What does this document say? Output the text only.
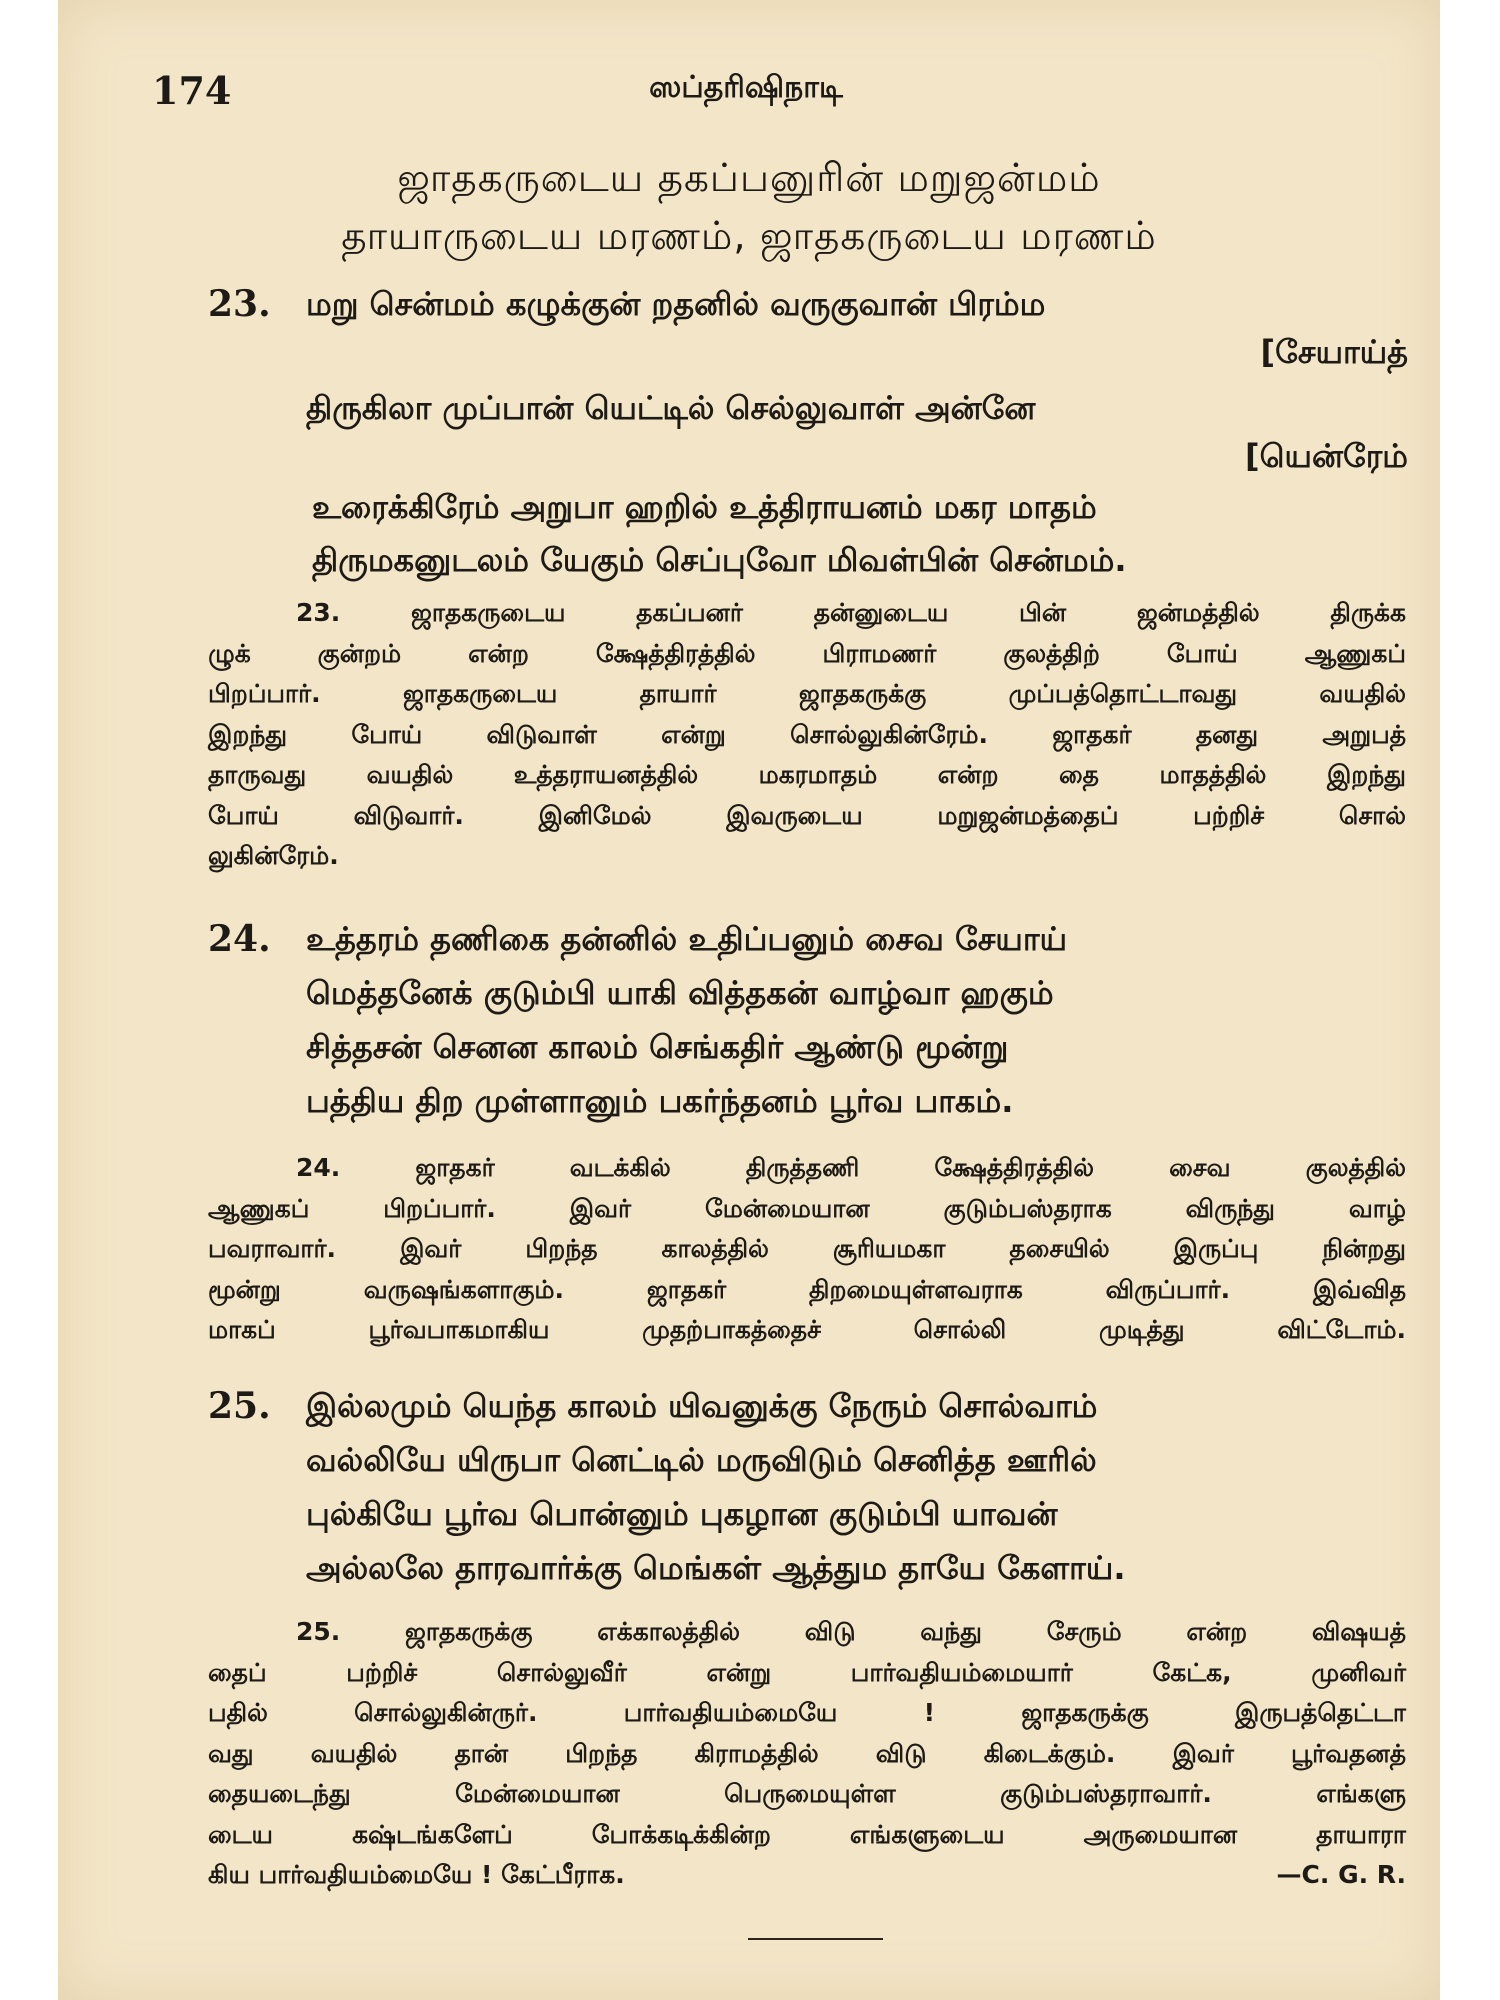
174	ஸப்தரிஷிநாடி
ஜாதகருடைய தகப்பனுரின் மறுஜன்மம்
தாயாருடைய மரணம், ஜாதகருடைய மரணம்
23. மறு சென்மம் கழுக்குன் றதனில் வருகுவான் பிரம்ம
[சேயாய்த்
திருகிலா முப்பான் யெட்டில் செல்லுவாள் அன்னே
[யென்ரேம்
உரைக்கிரேம் அறுபா ஹறில் உத்திராயனம் மகர மாதம்
திருமகனுடலம் யேகும் செப்புவோ மிவள்பின் சென்மம்.
23. ஜாதகருடைய தகப்பனர் தன்னுடைய பின் ஜன்மத்தில் திருக்க
ழுக் குன்றம் என்ற க்ஷேத்திரத்தில் பிராமணர் குலத்திற் போய் ஆணுகப்
பிறப்பார். ஜாதகருடைய தாயார் ஜாதகருக்கு முப்பத்தொட்டாவது வயதில்
இறந்து போய் விடுவாள் என்று சொல்லுகின்ரேம். ஜாதகர் தனது அறுபத்
தாருவது வயதில் உத்தராயனத்தில் மகரமாதம் என்ற தை மாதத்தில் இறந்து
போய் விடுவார். இனிமேல் இவருடைய மறுஜன்மத்தைப் பற்றிச் சொல்
லுகின்ரேம்.
24. உத்தரம் தணிகை தன்னில் உதிப்பனும் சைவ சேயாய்
மெத்தனேக் குடும்பி யாகி வித்தகன் வாழ்வா ஹகும்
சித்தசன் செனன காலம் செங்கதிர் ஆண்டு மூன்று
பத்திய திற முள்ளானும் பகர்ந்தனம் பூர்வ பாகம்.
24. ஜாதகர் வடக்கில் திருத்தணி க்ஷேத்திரத்தில் சைவ குலத்தில்
ஆணுகப் பிறப்பார். இவர் மேன்மையான குடும்பஸ்தராக விருந்து வாழ்
பவராவார். இவர் பிறந்த காலத்தில் சூரியமகா தசையில் இருப்பு நின்றது
மூன்று வருஷங்களாகும். ஜாதகர் திறமையுள்ளவராக விருப்பார். இவ்வித
மாகப் பூர்வபாகமாகிய முதற்பாகத்தைச் சொல்லி முடித்து விட்டோம்.
25. இல்லமும் யெந்த காலம் யிவனுக்கு நேரும் சொல்வாம்
வல்லியே யிருபா னெட்டில் மருவிடும் செனித்த ஊரில்
புல்கியே பூர்வ பொன்னும் புகழான குடும்பி யாவன்
அல்லலே தாரவார்க்கு மெங்கள் ஆத்தும தாயே கேளாய்.
25. ஜாதகருக்கு எக்காலத்தில் விடு வந்து சேரும் என்ற விஷயத்
தைப் பற்றிச் சொல்லுவீர் என்று பார்வதியம்மையார் கேட்க, முனிவர்
பதில் சொல்லுகின்ருர். பார்வதியம்மையே ! ஜாதகருக்கு இருபத்தெட்டா
வது வயதில் தான் பிறந்த கிராமத்தில் விடு கிடைக்கும். இவர் பூர்வதனத்
தையடைந்து மேன்மையான பெருமையுள்ள குடும்பஸ்தராவார். எங்களு
டைய கஷ்டங்களேப் போக்கடிக்கின்ற எங்களுடைய அருமையான தாயாரா
கிய பார்வதியம்மையே ! கேட்பீராக.	—C. G. R.
